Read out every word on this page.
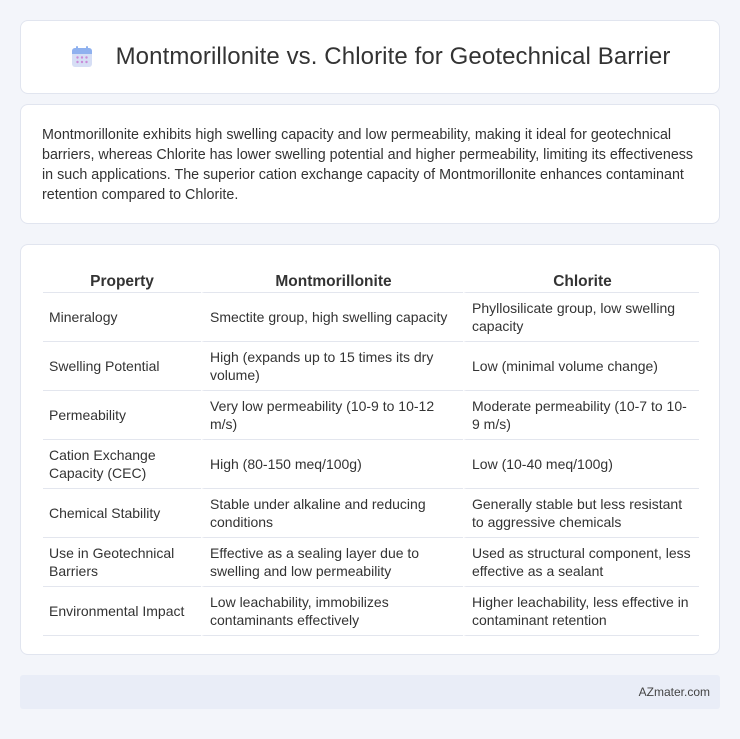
Montmorillonite vs. Chlorite for Geotechnical Barrier

Montmorillonite exhibits high swelling capacity and low permeability, making it ideal for geotechnical barriers, whereas Chlorite has lower swelling potential and higher permeability, limiting its effectiveness in such applications. The superior cation exchange capacity of Montmorillonite enhances contaminant retention compared to Chlorite.

Property	Montmorillonite	Chlorite
Mineralogy	Smectite group, high swelling capacity	Phyllosilicate group, low swelling capacity
Swelling Potential	High (expands up to 15 times its dry volume)	Low (minimal volume change)
Permeability	Very low permeability (10-9 to 10-12 m/s)	Moderate permeability (10-7 to 10-9 m/s)
Cation Exchange Capacity (CEC)	High (80-150 meq/100g)	Low (10-40 meq/100g)
Chemical Stability	Stable under alkaline and reducing conditions	Generally stable but less resistant to aggressive chemicals
Use in Geotechnical Barriers	Effective as a sealing layer due to swelling and low permeability	Used as structural component, less effective as a sealant
Environmental Impact	Low leachability, immobilizes contaminants effectively	Higher leachability, less effective in contaminant retention
AZmater.com
